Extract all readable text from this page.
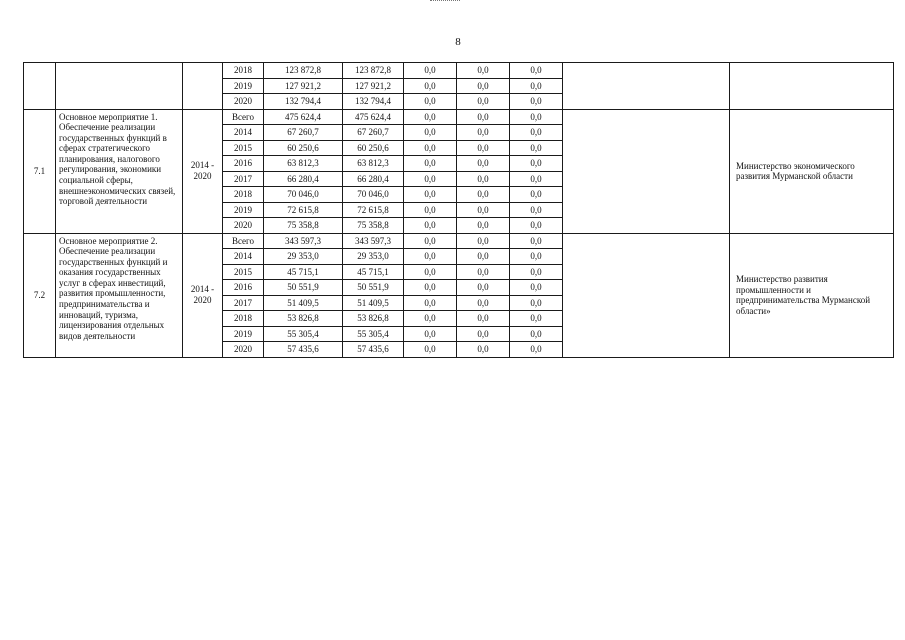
8
			2018	123 872,8	123 872,8	0,0	0,0	0,0		
			2019	127 921,2	127 921,2	0,0	0,0	0,0		
			2020	132 794,4	132 794,4	0,0	0,0	0,0		
7.1	Основное мероприятие 1. Обеспечение реализации государственных функций в сферах стратегического планирования, налогового регулирования, экономики социальной сферы, внешнеэкономических связей, торговой деятельности	2014 - 2020	Всего	475 624,4	475 624,4	0,0	0,0	0,0		Министерство экономического развития Мурманской области
			2014	67 260,7	67 260,7	0,0	0,0	0,0		
			2015	60 250,6	60 250,6	0,0	0,0	0,0		
			2016	63 812,3	63 812,3	0,0	0,0	0,0		
			2017	66 280,4	66 280,4	0,0	0,0	0,0		
			2018	70 046,0	70 046,0	0,0	0,0	0,0		
			2019	72 615,8	72 615,8	0,0	0,0	0,0		
			2020	75 358,8	75 358,8	0,0	0,0	0,0		
7.2	Основное мероприятие 2. Обеспечение реализации государственных функций и оказания государственных услуг в сферах инвестиций, развития промышленности, предпринимательства и инноваций, туризма, лицензирования отдельных видов деятельности	2014 - 2020	Всего	343 597,3	343 597,3	0,0	0,0	0,0		Министерство развития промышленности и предпринимательства Мурманской области»
			2014	29 353,0	29 353,0	0,0	0,0	0,0		
			2015	45 715,1	45 715,1	0,0	0,0	0,0		
			2016	50 551,9	50 551,9	0,0	0,0	0,0		
			2017	51 409,5	51 409,5	0,0	0,0	0,0		
			2018	53 826,8	53 826,8	0,0	0,0	0,0		
			2019	55 305,4	55 305,4	0,0	0,0	0,0		
			2020	57 435,6	57 435,6	0,0	0,0	0,0		
